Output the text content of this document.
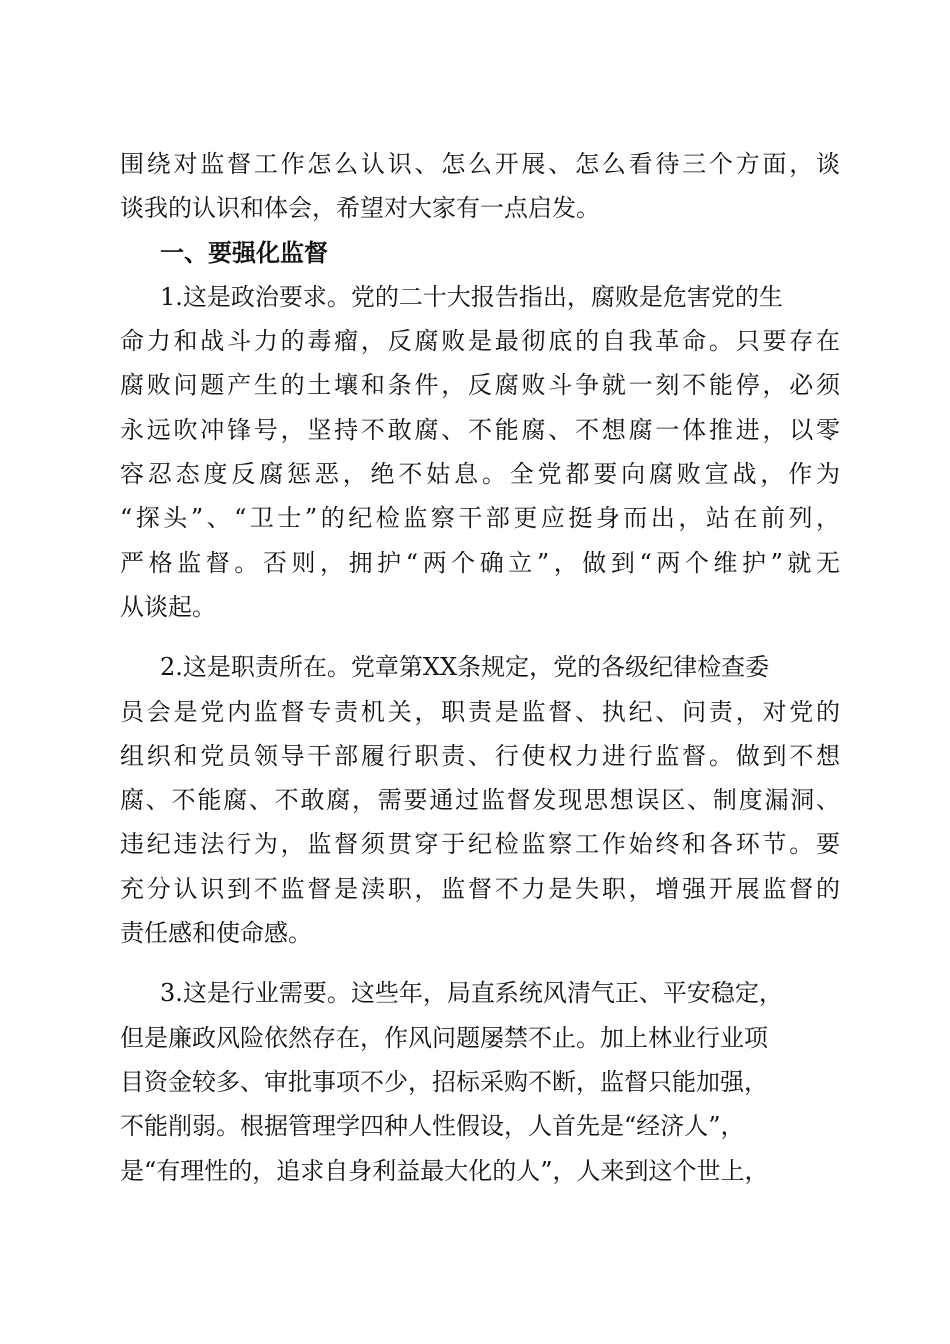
围绕对监督工作怎么认识、怎么开展、怎么看待三个方面，谈
谈我的认识和体会，希望对大家有一点启发。
一、要强化监督
1.这是政治要求。党的二十大报告指出，腐败是危害党的生
命力和战斗力的毒瘤，反腐败是最彻底的自我革命。只要存在
腐败问题产生的土壤和条件，反腐败斗争就一刻不能停，必须
永远吹冲锋号，坚持不敢腐、不能腐、不想腐一体推进，以零
容忍态度反腐惩恶，绝不姑息。全党都要向腐败宣战，作为
“探头”、“卫士”的纪检监察干部更应挺身而出，站在前列，
严格监督。否则，拥护“两个确立”，做到“两个维护”就无
从谈起。
2.这是职责所在。党章第XX条规定，党的各级纪律检查委
员会是党内监督专责机关，职责是监督、执纪、问责，对党的
组织和党员领导干部履行职责、行使权力进行监督。做到不想
腐、不能腐、不敢腐，需要通过监督发现思想误区、制度漏洞、
违纪违法行为，监督须贯穿于纪检监察工作始终和各环节。要
充分认识到不监督是渎职，监督不力是失职，增强开展监督的
责任感和使命感。
3.这是行业需要。这些年，局直系统风清气正、平安稳定，
但是廉政风险依然存在，作风问题屡禁不止。加上林业行业项
目资金较多、审批事项不少，招标采购不断，监督只能加强，
不能削弱。根据管理学四种人性假设，人首先是“经济人”，
是“有理性的，追求自身利益最大化的人”，人来到这个世上，
